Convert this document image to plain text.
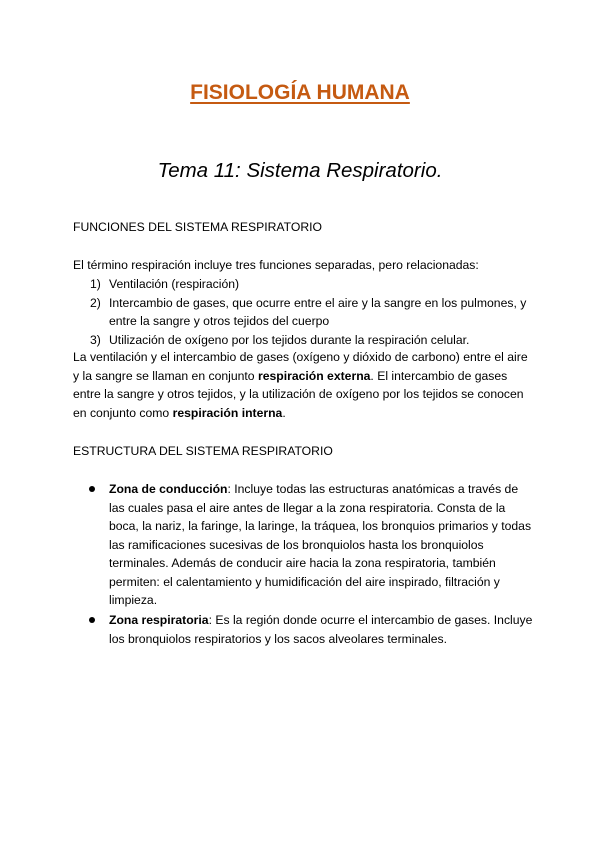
FISIOLOGÍA HUMANA
Tema 11: Sistema Respiratorio.
FUNCIONES DEL SISTEMA RESPIRATORIO
El término respiración incluye tres funciones separadas, pero relacionadas:
1) Ventilación (respiración)
2) Intercambio de gases, que ocurre entre el aire y la sangre en los pulmones, y entre la sangre y otros tejidos del cuerpo
3) Utilización de oxígeno por los tejidos durante la respiración celular.

La ventilación y el intercambio de gases (oxígeno y dióxido de carbono) entre el aire y la sangre se llaman en conjunto respiración externa. El intercambio de gases entre la sangre y otros tejidos, y la utilización de oxígeno por los tejidos se conocen en conjunto como respiración interna.

ESTRUCTURA DEL SISTEMA RESPIRATORIO
Zona de conducción: Incluye todas las estructuras anatómicas a través de las cuales pasa el aire antes de llegar a la zona respiratoria. Consta de la boca, la nariz, la faringe, la laringe, la tráquea, los bronquios primarios y todas las ramificaciones sucesivas de los bronquiolos hasta los bronquiolos terminales. Además de conducir aire hacia la zona respiratoria, también permiten: el calentamiento y humidificación del aire inspirado, filtración y limpieza.
Zona respiratoria: Es la región donde ocurre el intercambio de gases. Incluye los bronquiolos respiratorios y los sacos alveolares terminales.
